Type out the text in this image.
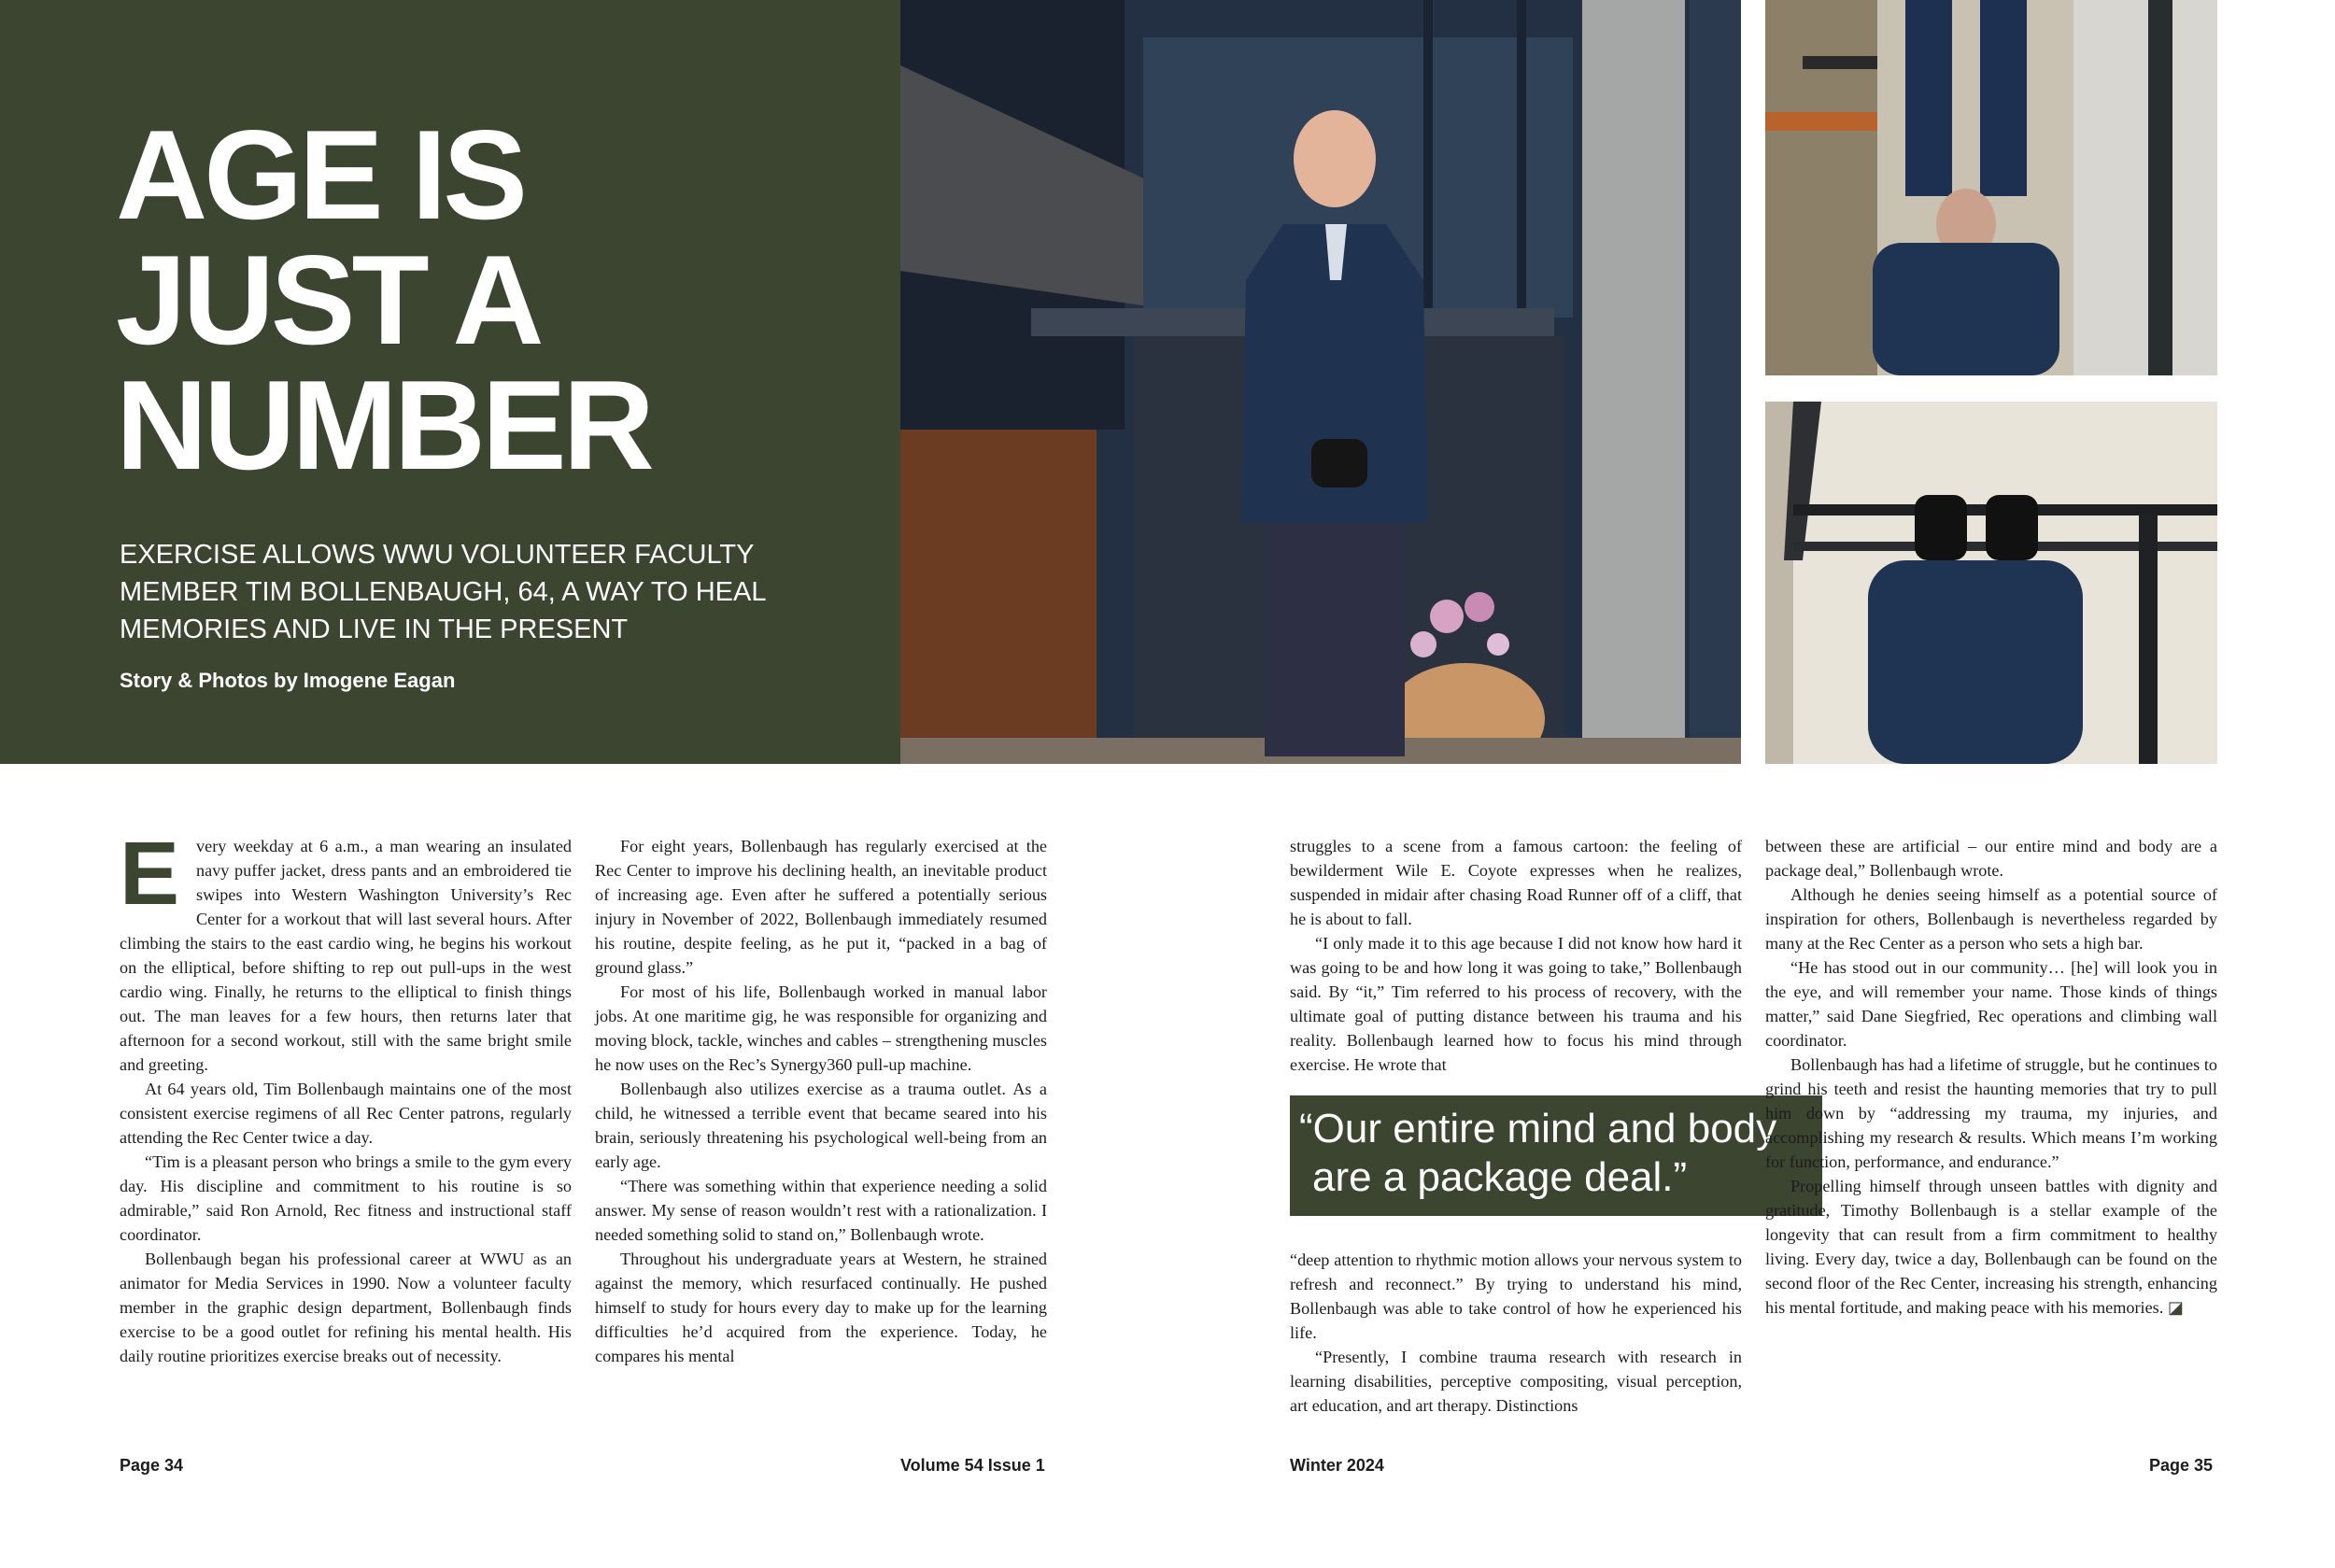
AGE IS
JUST A
NUMBER

EXERCISE ALLOWS WWU VOLUNTEER FACULTY MEMBER TIM BOLLENBAUGH, 64, A WAY TO HEAL MEMORIES AND LIVE IN THE PRESENT

Story & Photos by Imogene Eagan

E very weekday at 6 a.m., a man wearing an insulated navy puffer jacket, dress pants and an embroidered tie swipes into Western Washington University’s Rec Center for a workout that will last several hours. After climbing the stairs to the east cardio wing, he begins his workout on the elliptical, before shifting to rep out pull-ups in the west cardio wing. Finally, he returns to the elliptical to finish things out. The man leaves for a few hours, then returns later that afternoon for a second workout, still with the same bright smile and greeting.

At 64 years old, Tim Bollenbaugh maintains one of the most consistent exercise regimens of all Rec Center patrons, regularly attending the Rec Center twice a day.

“Tim is a pleasant person who brings a smile to the gym every day. His discipline and commitment to his routine is so admirable,” said Ron Arnold, Rec fitness and instructional staff coordinator.

Bollenbaugh began his professional career at WWU as an animator for Media Services in 1990. Now a volunteer faculty member in the graphic design department, Bollenbaugh finds exercise to be a good outlet for refining his mental health. His daily routine prioritizes exercise breaks out of necessity.

For eight years, Bollenbaugh has regularly exercised at the Rec Center to improve his declining health, an inevitable product of increasing age. Even after he suffered a potentially serious injury in November of 2022, Bollenbaugh immediately resumed his routine, despite feeling, as he put it, “packed in a bag of ground glass.”

For most of his life, Bollenbaugh worked in manual labor jobs. At one maritime gig, he was responsible for organizing and moving block, tackle, winches and cables – strengthening muscles he now uses on the Rec’s Synergy360 pull-up machine.

Bollenbaugh also utilizes exercise as a trauma outlet. As a child, he witnessed a terrible event that became seared into his brain, seriously threatening his psychological well-being from an early age.

“There was something within that experience needing a solid answer. My sense of reason wouldn’t rest with a rationalization. I needed something solid to stand on,” Bollenbaugh wrote.

Throughout his undergraduate years at Western, he strained against the memory, which resurfaced continually. He pushed himself to study for hours every day to make up for the learning difficulties he’d acquired from the experience. Today, he compares his mental

struggles to a scene from a famous cartoon: the feeling of bewilderment Wile E. Coyote expresses when he realizes, suspended in midair after chasing Road Runner off of a cliff, that he is about to fall.

“I only made it to this age because I did not know how hard it was going to be and how long it was going to take,” Bollenbaugh said. By “it,” Tim referred to his process of recovery, with the ultimate goal of putting distance between his trauma and his reality. Bollenbaugh learned how to focus his mind through exercise. He wrote that

“Our entire mind and body
are a package deal.”

“deep attention to rhythmic motion allows your nervous system to refresh and reconnect.” By trying to understand his mind, Bollenbaugh was able to take control of how he experienced his life.

“Presently, I combine trauma research with research in learning disabilities, perceptive compositing, visual perception, art education, and art therapy. Distinctions

between these are artificial – our entire mind and body are a package deal,” Bollenbaugh wrote.

Although he denies seeing himself as a potential source of inspiration for others, Bollenbaugh is nevertheless regarded by many at the Rec Center as a person who sets a high bar.

“He has stood out in our community… [he] will look you in the eye, and will remember your name. Those kinds of things matter,” said Dane Siegfried, Rec operations and climbing wall coordinator.

Bollenbaugh has had a lifetime of struggle, but he continues to grind his teeth and resist the haunting memories that try to pull him down by “addressing my trauma, my injuries, and accomplishing my research & results. Which means I’m working for function, performance, and endurance.”

Propelling himself through unseen battles with dignity and gratitude, Timothy Bollenbaugh is a stellar example of the longevity that can result from a firm commitment to healthy living. Every day, twice a day, Bollenbaugh can be found on the second floor of the Rec Center, increasing his strength, enhancing his mental fortitude, and making peace with his memories. ◪

Page 34	Volume 54 Issue 1	Winter 2024	Page 35
